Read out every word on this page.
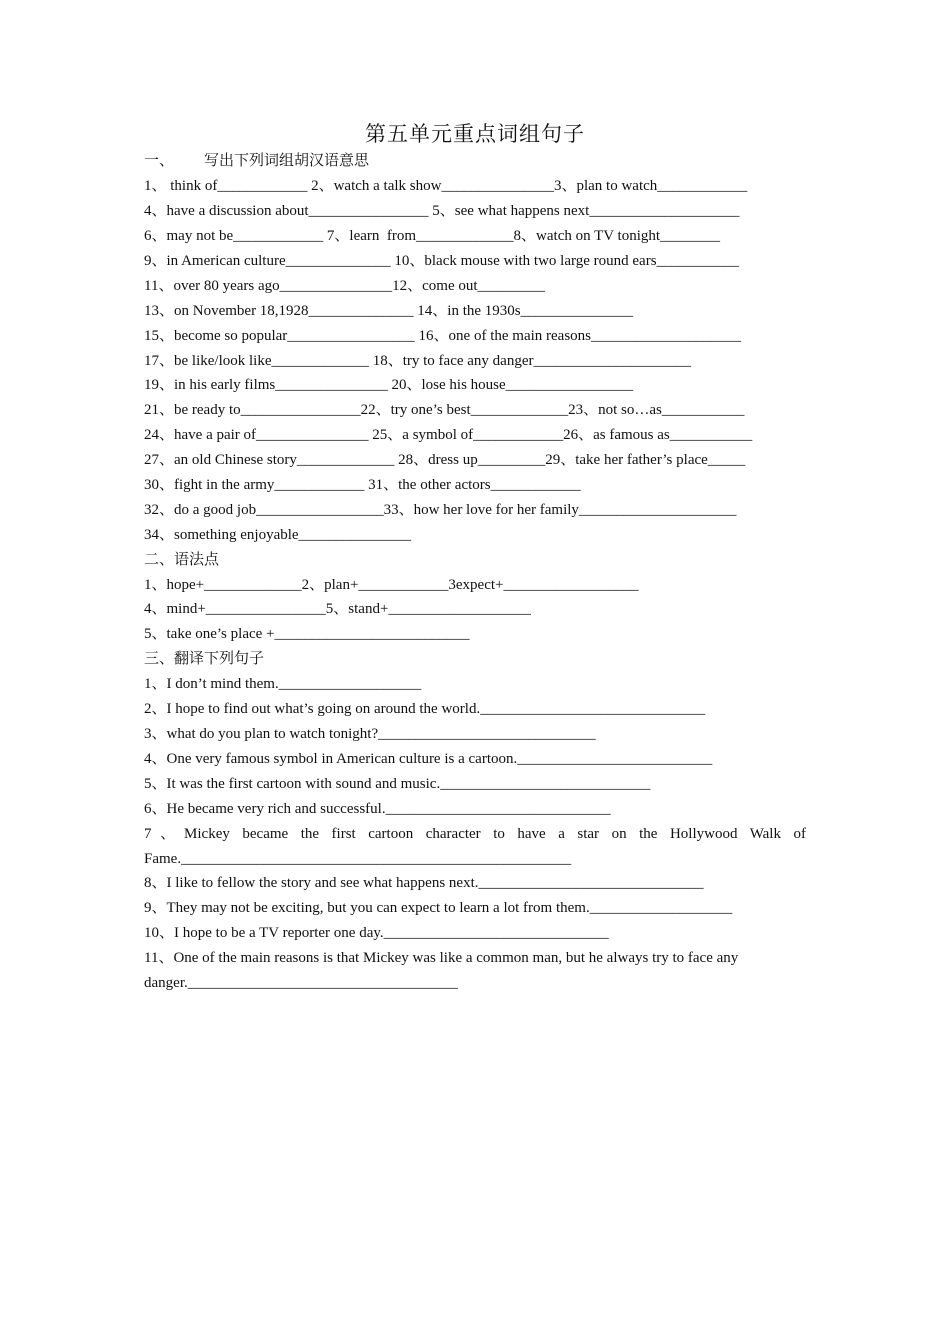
第五单元重点词组句子
一、        写出下列词组胡汉语意思
1、 think of____________ 2、watch a talk show_______________3、plan to watch____________
4、have a discussion about________________ 5、see what happens next____________________
6、may not be____________ 7、learn  from_____________8、watch on TV tonight________
9、in American culture______________ 10、black mouse with two large round ears___________
11、over 80 years ago_______________12、come out_________
13、on November 18,1928______________ 14、in the 1930s_______________
15、become so popular_________________ 16、one of the main reasons____________________
17、be like/look like_____________ 18、try to face any danger_____________________
19、in his early films_______________ 20、lose his house_________________
21、be ready to________________22、try one’s best_____________23、not so…as___________
24、have a pair of_______________ 25、a symbol of____________26、as famous as___________
27、an old Chinese story_____________ 28、dress up_________29、take her father’s place_____
30、fight in the army____________ 31、the other actors____________
32、do a good job_________________33、how her love for her family_____________________
34、something enjoyable_______________
二、语法点
1、hope+_____________2、plan+____________3expect+__________________
4、mind+________________5、stand+___________________
5、take one’s place +__________________________
三、翻译下列句子
1、I don’t mind them.___________________
2、I hope to find out what’s going on around the world.______________________________
3、what do you plan to watch tonight?_____________________________
4、One very famous symbol in American culture is a cartoon.__________________________
5、It was the first cartoon with sound and music.____________________________
6、He became very rich and successful.______________________________
7、Mickey became the first cartoon character to have a star on the Hollywood Walk of
Fame.____________________________________________________
8、I like to fellow the story and see what happens next.______________________________
9、They may not be exciting, but you can expect to learn a lot from them.___________________
10、I hope to be a TV reporter one day.______________________________
11、One of the main reasons is that Mickey was like a common man, but he always try to face any
danger.____________________________________
